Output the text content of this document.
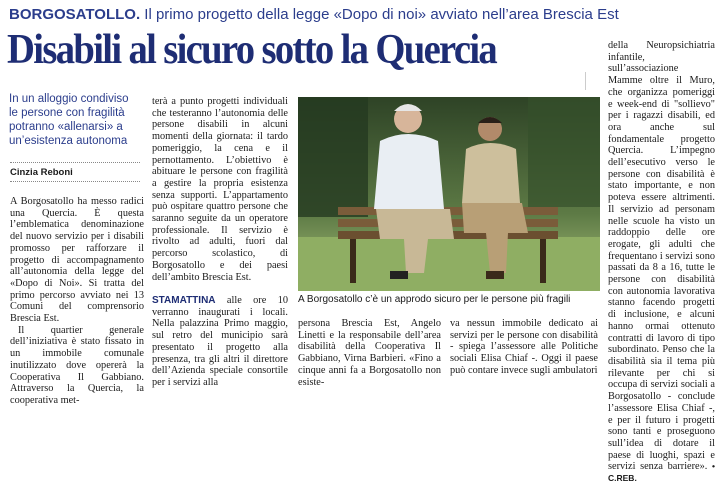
BORGOSATOLLO. Il primo progetto della legge «Dopo di noi» avviato nell’area Brescia Est
Disabili al sicuro sotto la Quercia
In un alloggio condiviso le persone con fragilità potranno «allenarsi» a un’esistenza autonoma
Cinzia Reboni

A Borgosatollo ha messo radici una Quercia. È questa l’emblematica denominazione del nuovo servizio per i disabili promosso per rafforzare il progetto di accompagnamento all’autonomia della legge del «Dopo di Noi». Si tratta del primo percorso avviato nei 13 Comuni del comprensorio Brescia Est.

Il quartier generale dell’iniziativa è stato fissato in un immobile comunale inutilizzato dove opererà la Cooperativa Il Gabbiano. Attraverso la Quercia, la cooperativa met-

terà a punto progetti individuali che testeranno l’autonomia delle persone disabili in alcuni momenti della giornata: il tardo pomeriggio, la cena e il pernottamento. L’obiettivo è abituare le persone con fragilità a gestire la propria esistenza senza supporti. L’appartamento può ospitare quattro persone che saranno seguite da un operatore professionale. Il servizio è rivolto ad adulti, fuori dal percorso scolastico, di Borgosatollo e dei paesi dell’ambito Brescia Est.

STAMATTINA alle ore 10 verranno inaugurati i locali. Nella palazzina Primo maggio, sul retro del municipio sarà presentato il progetto alla presenza, tra gli altri il direttore dell’Azienda speciale consortile per i servizi alla

A Borgosatollo c’è un approdo sicuro per le persone più fragili

persona Brescia Est, Angelo Linetti e la responsabile dell’area disabilità della Cooperativa Il Gabbiano, Virna Barbieri. «Fino a cinque anni fa a Borgosatollo non esiste-

va nessun immobile dedicato ai servizi per le persone con disabilità - spiega l’assessore alle Politiche sociali Elisa Chiaf -. Oggi il paese può contare invece sugli ambulatori

della Neuropsichiatria infantile, sull’associazione Mamme oltre il Muro, che organizza pomeriggi e week-end di "sollievo" per i ragazzi disabili, ed ora anche sul fondamentale progetto Quercia. L’impegno dell’esecutivo verso le persone con disabilità è stato importante, e non poteva essere altrimenti. Il servizio ad personam nelle scuole ha visto un raddoppio delle ore erogate, gli adulti che frequentano i servizi sono passati da 8 a 16, tutte le persone con disabilità con autonomia lavorativa stanno facendo progetti di inclusione, e alcuni hanno ormai ottenuto contratti di lavoro di tipo subordinato. Penso che la disabilità sia il tema più rilevante per chi si occupa di servizi sociali a Borgosatollo - conclude l’assessore Elisa Chiaf -, e per il futuro i progetti sono tanti e proseguono sull’idea di dotare il paese di luoghi, spazi e servizi senza barriere». • C.REB.
